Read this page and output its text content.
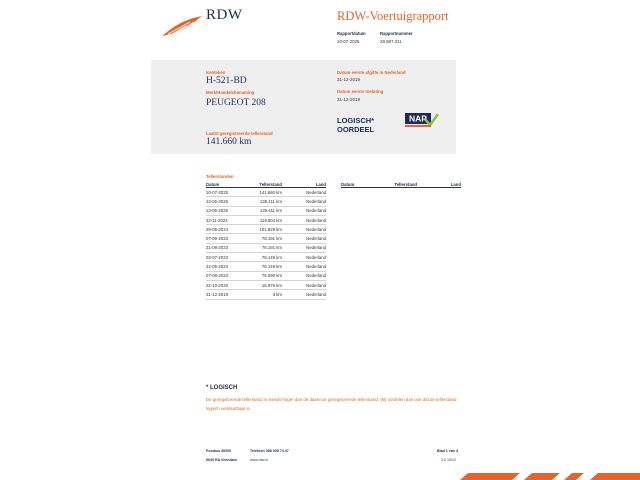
RDW	RDW-Voertuigrapport
Rapportdatum
10-07-2025
Rapportnummer
28.987.311
Kenteken
H-521-BD
Merk/Handelsbenaming
PEUGEOT 208
Laatst geregistreerde tellerstand
141.660 km
Datum eerste afgifte in Nederland
31-12-2019
Datum eerste toelating
31-12-2019
LOGISCH*
OORDEEL
NAP
Tellerstanden
Datum	Tellerstand	Land
10-07-2025	141.660 km	Nederland
13-06-2025	139.411 km	Nederland
13-06-2025	139.411 km	Nederland
22-11-2024	119.804 km	Nederland
29-05-2024	101.829 km	Nederland
07-09-2023	78.191 km	Nederland
31-08-2023	78.191 km	Nederland
03-07-2023	78.149 km	Nederland
22-06-2023	78.149 km	Nederland
07-06-2023	78.090 km	Nederland
22-10-2020	16.976 km	Nederland
31-12-2019	3 km	Nederland
Datum	Tellerstand	Land
* LOGISCH
De geregistreerde tellerstand is steeds hoger dan de daarvoor geregistreerde tellerstand. Wij oordelen dan ook dat de tellerstand logisch verklaarbaar is.
Postbus 30000
9640 RA Veendam
Telefoon 088 008 74 47
www.rdw.nl
Blad 1 van 3
3.0 15/12
